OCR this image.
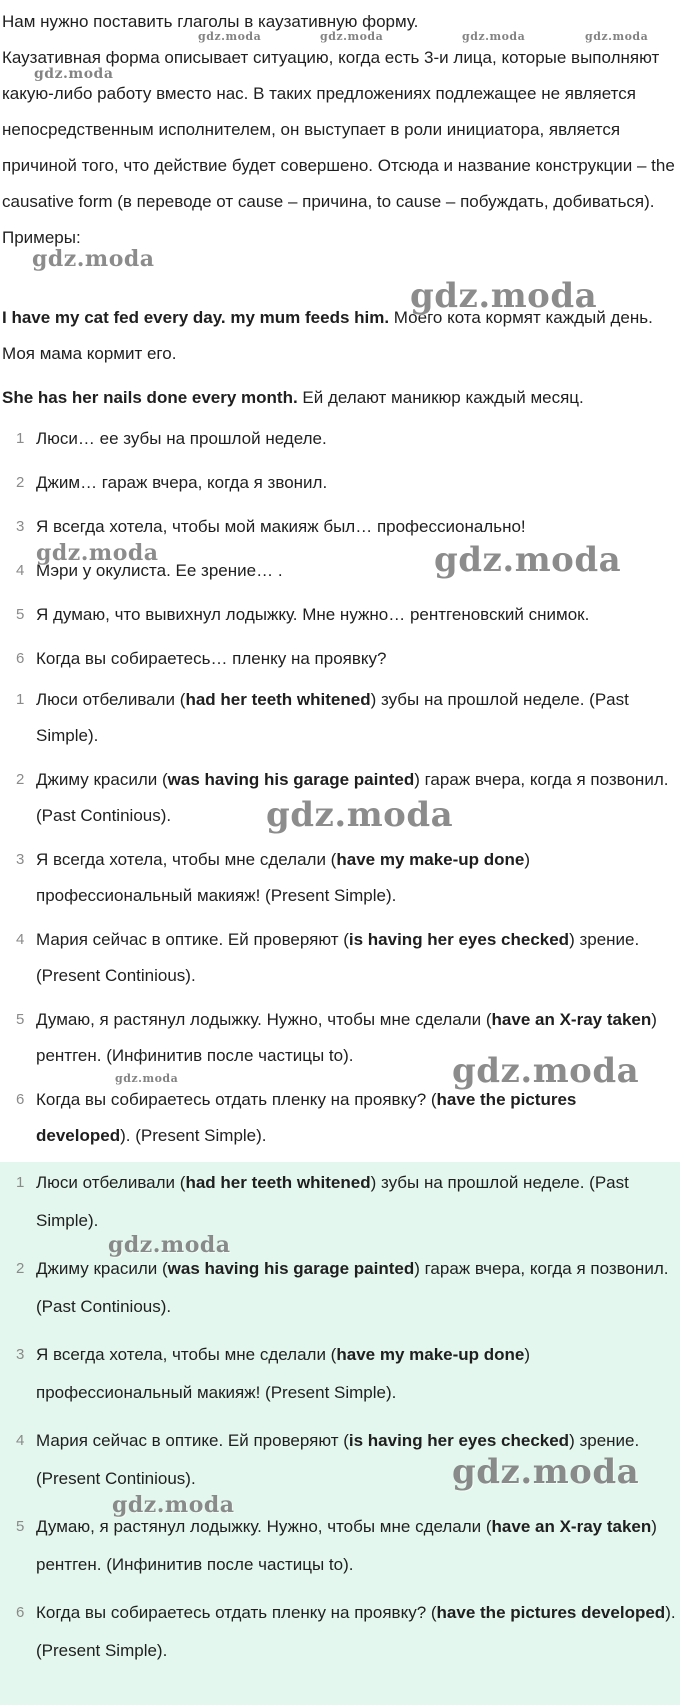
Нам нужно поставить глаголы в каузативную форму.

Каузативная форма описывает ситуацию, когда есть 3-и лица, которые выполняют какую-либо работу вместо нас. В таких предложениях подлежащее не является непосредственным исполнителем, он выступает в роли инициатора, является причиной того, что действие будет совершено. Отсюда и название конструкции – the causative form (в переводе от cause – причина, to cause – побуждать, добиваться).

Примеры:

I have my cat fed every day. my mum feeds him. Моего кота кормят каждый день. Моя мама кормит его.

She has her nails done every month. Ей делают маникюр каждый месяц.

1 Люси… ее зубы на прошлой неделе.
2 Джим… гараж вчера, когда я звонил.
3 Я всегда хотела, чтобы мой макияж был… профессионально!
4 Мэри у окулиста. Ее зрение… .
5 Я думаю, что вывихнул лодыжку. Мне нужно… рентгеновский снимок.
6 Когда вы собираетесь… пленку на проявку?
1 Люси отбеливали (had her teeth whitened) зубы на прошлой неделе. (Past Simple).
2 Джиму красили (was having his garage painted) гараж вчера, когда я позвонил. (Past Continious).
3 Я всегда хотела, чтобы мне сделали (have my make-up done) профессиональный макияж! (Present Simple).
4 Мария сейчас в оптике. Ей проверяют (is having her eyes checked) зрение. (Present Continious).
5 Думаю, я растянул лодыжку. Нужно, чтобы мне сделали (have an X-ray taken) рентген. (Инфинитив после частицы to).
6 Когда вы собираетесь отдать пленку на проявку? (have the pictures developed). (Present Simple).
1 Люси отбеливали (had her teeth whitened) зубы на прошлой неделе. (Past Simple).
2 Джиму красили (was having his garage painted) гараж вчера, когда я позвонил. (Past Continious).
3 Я всегда хотела, чтобы мне сделали (have my make-up done) профессиональный макияж! (Present Simple).
4 Мария сейчас в оптике. Ей проверяют (is having her eyes checked) зрение. (Present Continious).
5 Думаю, я растянул лодыжку. Нужно, чтобы мне сделали (have an X-ray taken) рентген. (Инфинитив после частицы to).
6 Когда вы собираетесь отдать пленку на проявку? (have the pictures developed). (Present Simple).
gdz.moda	gdz.moda	gdz.moda	gdz.moda
gdz.moda
gdz.moda
gdz.moda
gdz.moda	gdz.moda
gdz.moda
gdz.moda
gdz.moda
gdz.moda
gdz.moda
gdz.moda
